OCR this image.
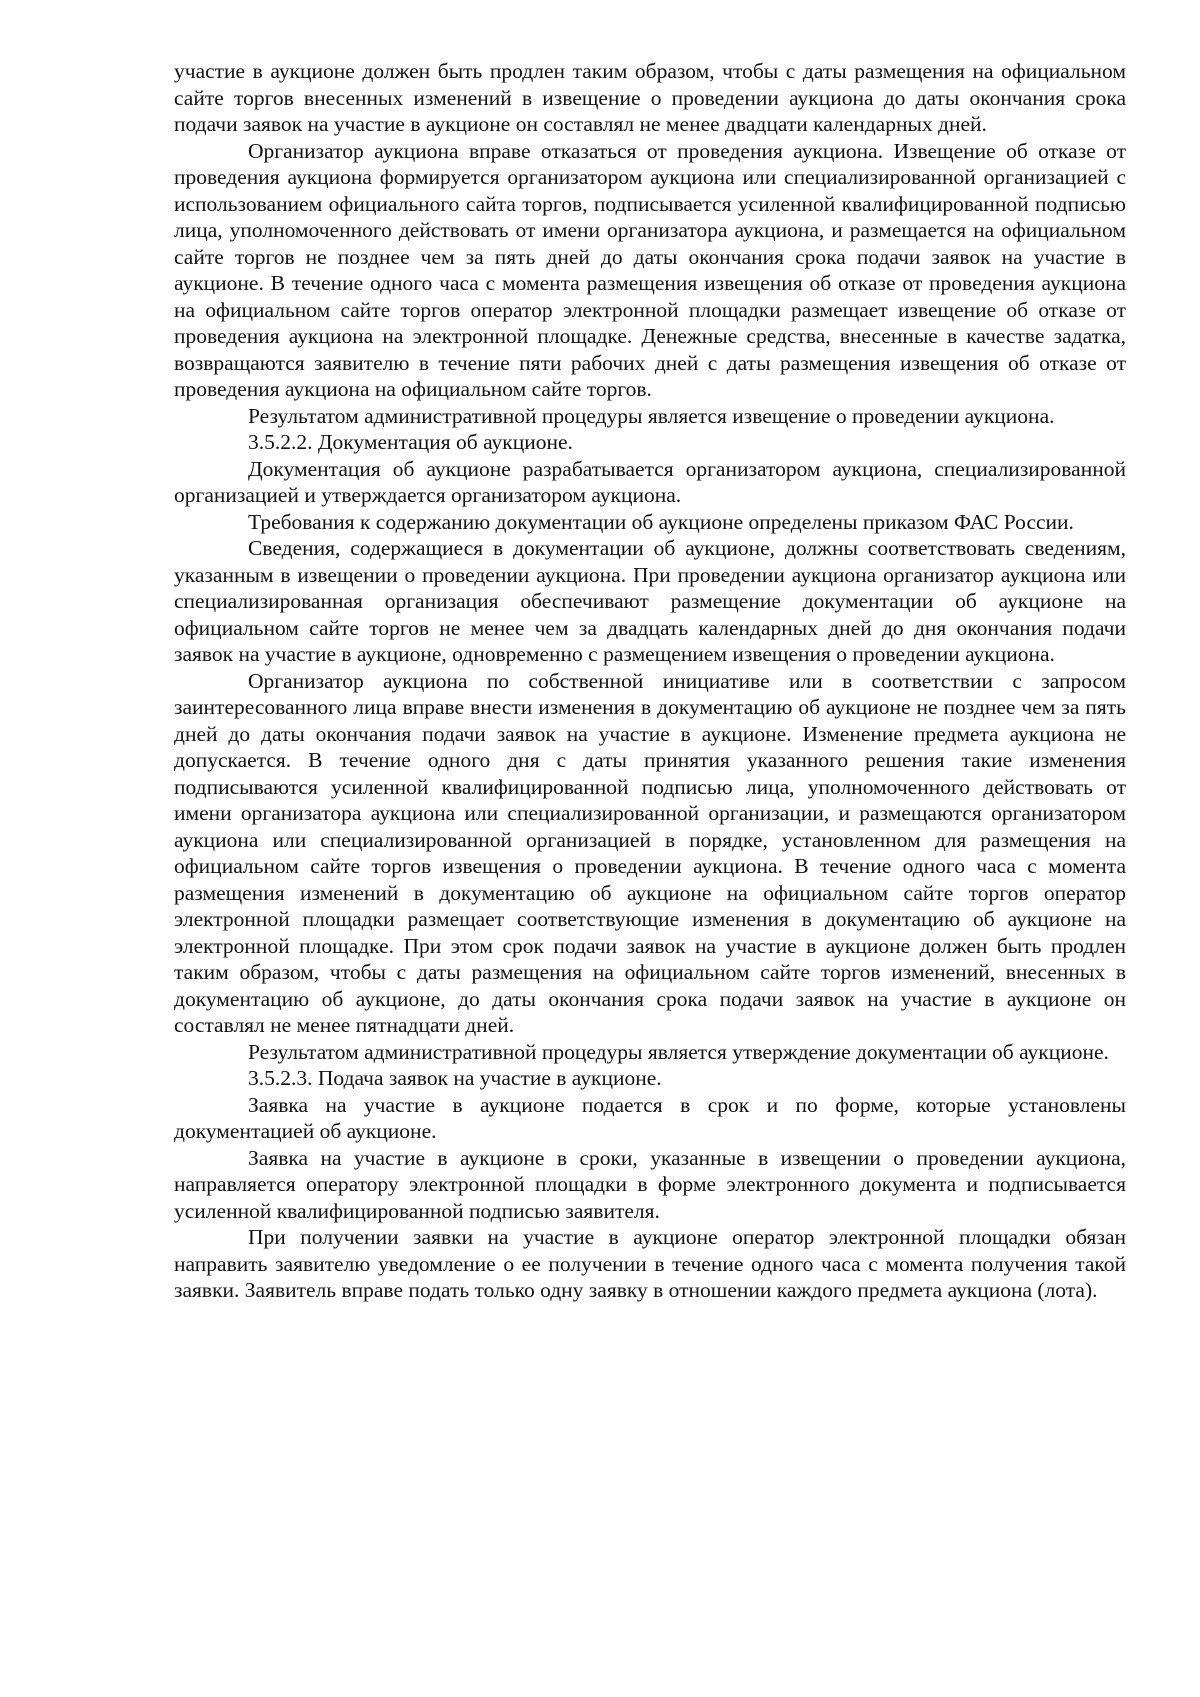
участие в аукционе должен быть продлен таким образом, чтобы с даты размещения на официальном сайте торгов внесенных изменений в извещение о проведении аукциона до даты окончания срока подачи заявок на участие в аукционе он составлял не менее двадцати календарных дней.

Организатор аукциона вправе отказаться от проведения аукциона. Извещение об отказе от проведения аукциона формируется организатором аукциона или специализированной организацией с использованием официального сайта торгов, подписывается усиленной квалифицированной подписью лица, уполномоченного действовать от имени организатора аукциона, и размещается на официальном сайте торгов не позднее чем за пять дней до даты окончания срока подачи заявок на участие в аукционе. В течение одного часа с момента размещения извещения об отказе от проведения аукциона на официальном сайте торгов оператор электронной площадки размещает извещение об отказе от проведения аукциона на электронной площадке. Денежные средства, внесенные в качестве задатка, возвращаются заявителю в течение пяти рабочих дней с даты размещения извещения об отказе от проведения аукциона на официальном сайте торгов.

Результатом административной процедуры является извещение о проведении аукциона.

3.5.2.2. Документация об аукционе.

Документация об аукционе разрабатывается организатором аукциона, специализированной организацией и утверждается организатором аукциона.

Требования к содержанию документации об аукционе определены приказом ФАС России.

Сведения, содержащиеся в документации об аукционе, должны соответствовать сведениям, указанным в извещении о проведении аукциона. При проведении аукциона организатор аукциона или специализированная организация обеспечивают размещение документации об аукционе на официальном сайте торгов не менее чем за двадцать календарных дней до дня окончания подачи заявок на участие в аукционе, одновременно с размещением извещения о проведении аукциона.

Организатор аукциона по собственной инициативе или в соответствии с запросом заинтересованного лица вправе внести изменения в документацию об аукционе не позднее чем за пять дней до даты окончания подачи заявок на участие в аукционе. Изменение предмета аукциона не допускается. В течение одного дня с даты принятия указанного решения такие изменения подписываются усиленной квалифицированной подписью лица, уполномоченного действовать от имени организатора аукциона или специализированной организации, и размещаются организатором аукциона или специализированной организацией в порядке, установленном для размещения на официальном сайте торгов извещения о проведении аукциона. В течение одного часа с момента размещения изменений в документацию об аукционе на официальном сайте торгов оператор электронной площадки размещает соответствующие изменения в документацию об аукционе на электронной площадке. При этом срок подачи заявок на участие в аукционе должен быть продлен таким образом, чтобы с даты размещения на официальном сайте торгов изменений, внесенных в документацию об аукционе, до даты окончания срока подачи заявок на участие в аукционе он составлял не менее пятнадцати дней.

Результатом административной процедуры является утверждение документации об аукционе.

3.5.2.3. Подача заявок на участие в аукционе.

Заявка на участие в аукционе подается в срок и по форме, которые установлены документацией об аукционе.

Заявка на участие в аукционе в сроки, указанные в извещении о проведении аукциона, направляется оператору электронной площадки в форме электронного документа и подписывается усиленной квалифицированной подписью заявителя.

При получении заявки на участие в аукционе оператор электронной площадки обязан направить заявителю уведомление о ее получении в течение одного часа с момента получения такой заявки. Заявитель вправе подать только одну заявку в отношении каждого предмета аукциона (лота).
